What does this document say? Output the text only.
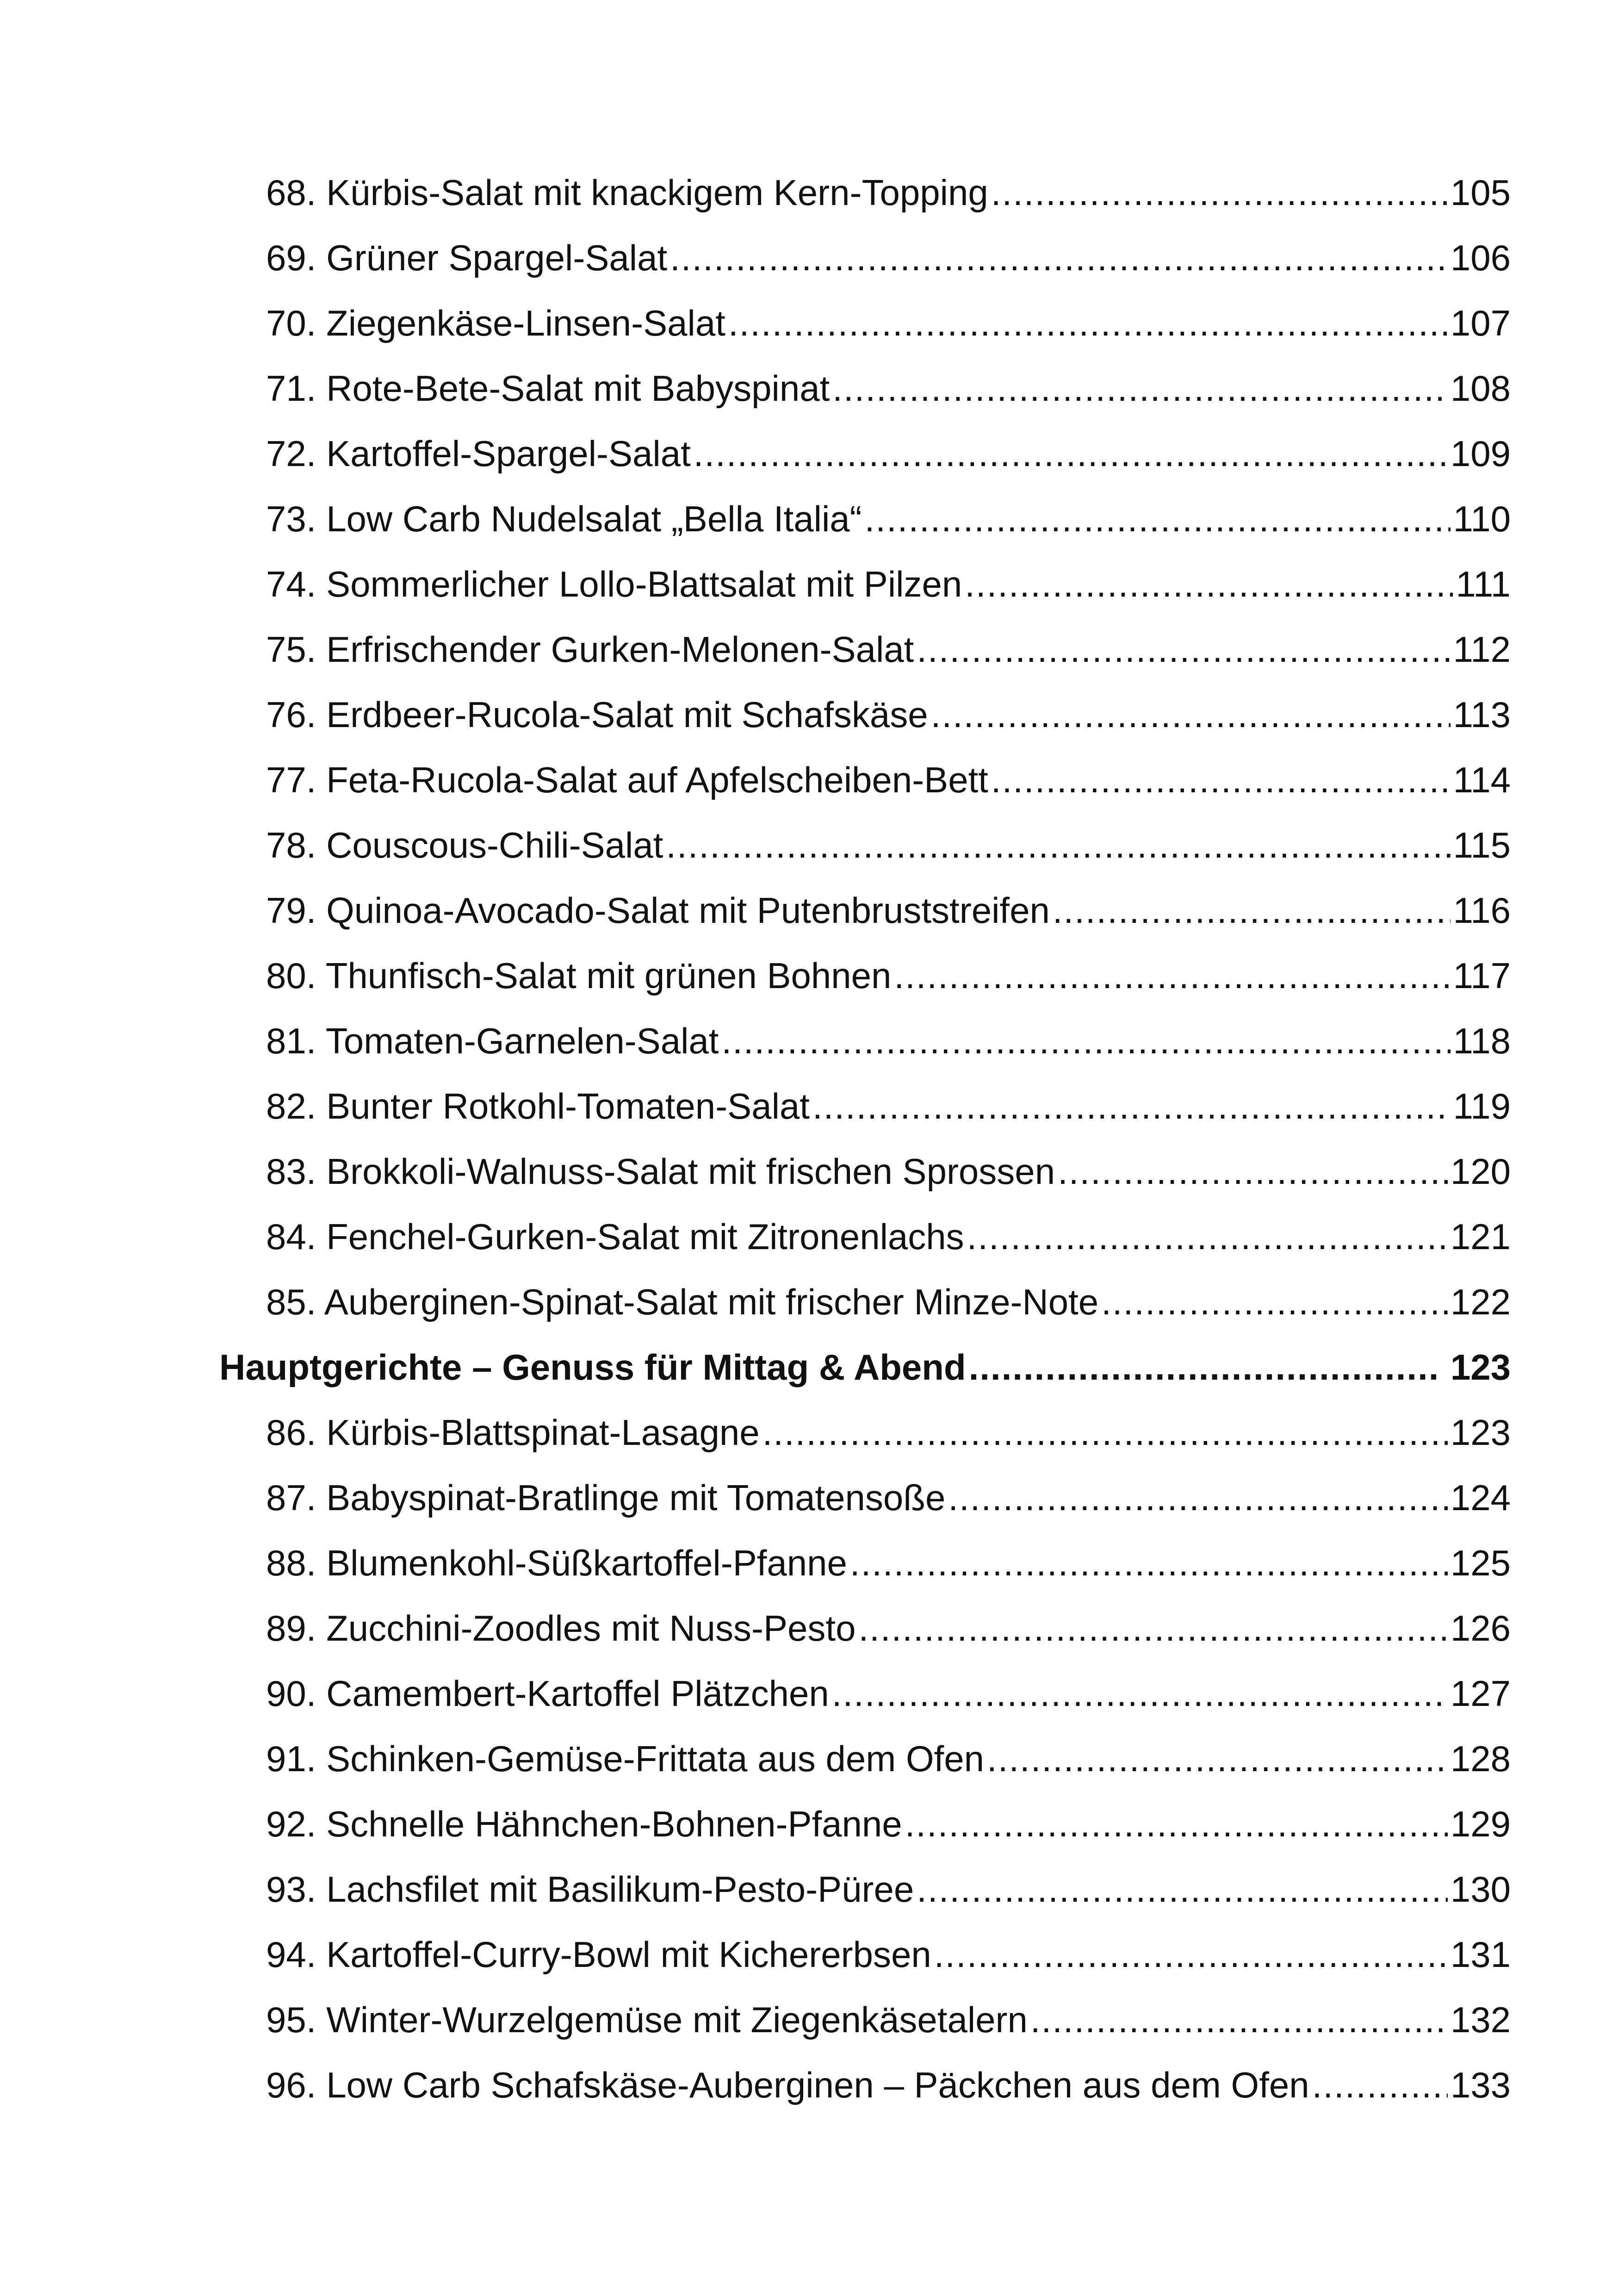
68. Kürbis-Salat mit knackigem Kern-Topping .....	105
69. Grüner Spargel-Salat .....	106
70. Ziegenkäse-Linsen-Salat .....	107
71. Rote-Bete-Salat mit Babyspinat .....	108
72. Kartoffel-Spargel-Salat .....	109
73. Low Carb Nudelsalat „Bella Italia“ .....	110
74. Sommerlicher Lollo-Blattsalat mit Pilzen .....	111
75. Erfrischender Gurken-Melonen-Salat .....	112
76. Erdbeer-Rucola-Salat mit Schafskäse .....	113
77. Feta-Rucola-Salat auf Apfelscheiben-Bett .....	114
78. Couscous-Chili-Salat .....	115
79. Quinoa-Avocado-Salat mit Putenbruststreifen .....	116
80. Thunfisch-Salat mit grünen Bohnen .....	117
81. Tomaten-Garnelen-Salat .....	118
82. Bunter Rotkohl-Tomaten-Salat .....	119
83. Brokkoli-Walnuss-Salat mit frischen Sprossen .....	120
84. Fenchel-Gurken-Salat mit Zitronenlachs .....	121
85. Auberginen-Spinat-Salat mit frischer Minze-Note .....	122
Hauptgerichte – Genuss für Mittag & Abend .....	123
86. Kürbis-Blattspinat-Lasagne .....	123
87. Babyspinat-Bratlinge mit Tomatensoße .....	124
88. Blumenkohl-Süßkartoffel-Pfanne .....	125
89. Zucchini-Zoodles mit Nuss-Pesto .....	126
90. Camembert-Kartoffel Plätzchen .....	127
91. Schinken-Gemüse-Frittata aus dem Ofen .....	128
92. Schnelle Hähnchen-Bohnen-Pfanne .....	129
93. Lachsfilet mit Basilikum-Pesto-Püree .....	130
94. Kartoffel-Curry-Bowl mit Kichererbsen .....	131
95. Winter-Wurzelgemüse mit Ziegenkäsetalern .....	132
96. Low Carb Schafskäse-Auberginen – Päckchen aus dem Ofen .....	133
